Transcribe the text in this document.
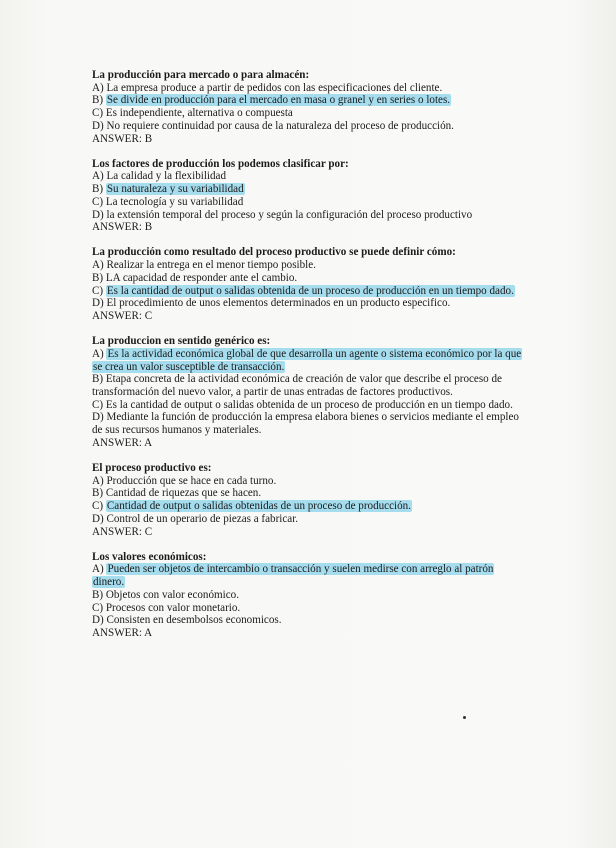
La producción para mercado o para almacén:
A) La empresa produce a partir de pedidos con las especificaciones del cliente.
B) Se divide en producción para el mercado en masa o granel y en series o lotes.
C) Es independiente, alternativa o compuesta
D) No requiere continuidad por causa de la naturaleza del proceso de producción.
ANSWER: B
Los factores de producción los podemos clasificar por:
A) La calidad y la flexibilidad
B) Su naturaleza y su variabilidad
C) La tecnología y su variabilidad
D) la extensión temporal del proceso y según la configuración del proceso productivo
ANSWER: B
La producción como resultado del proceso productivo se puede definir cómo:
A) Realizar la entrega en el menor tiempo posible.
B) LA capacidad de responder ante el cambio.
C) Es la cantidad de output o salidas obtenida de un proceso de producción en un tiempo dado.
D) El procedimiento de unos elementos determinados en un producto especifico.
ANSWER: C
La produccion en sentido genérico es:
A) Es la actividad económica global de que desarrolla un agente o sistema económico por la que se crea un valor susceptible de transacción.
B) Etapa concreta de la actividad económica de creación de valor que describe el proceso de transformación del nuevo valor, a partir de unas entradas de factores productivos.
C) Es la cantidad de output o salidas obtenida de un proceso de producción en un tiempo dado.
D) Mediante la función de producción la empresa elabora bienes o servicios mediante el empleo de sus recursos humanos y materiales.
ANSWER: A
El proceso productivo es:
A) Producción que se hace en cada turno.
B) Cantidad de riquezas que se hacen.
C) Cantidad de output o salidas obtenidas de un proceso de producción.
D) Control de un operario de piezas a fabricar.
ANSWER: C
Los valores económicos:
A) Pueden ser objetos de intercambio o transacción y suelen medirse con arreglo al patrón dinero.
B) Objetos con valor económico.
C) Procesos con valor monetario.
D) Consisten en desembolsos economicos.
ANSWER: A
